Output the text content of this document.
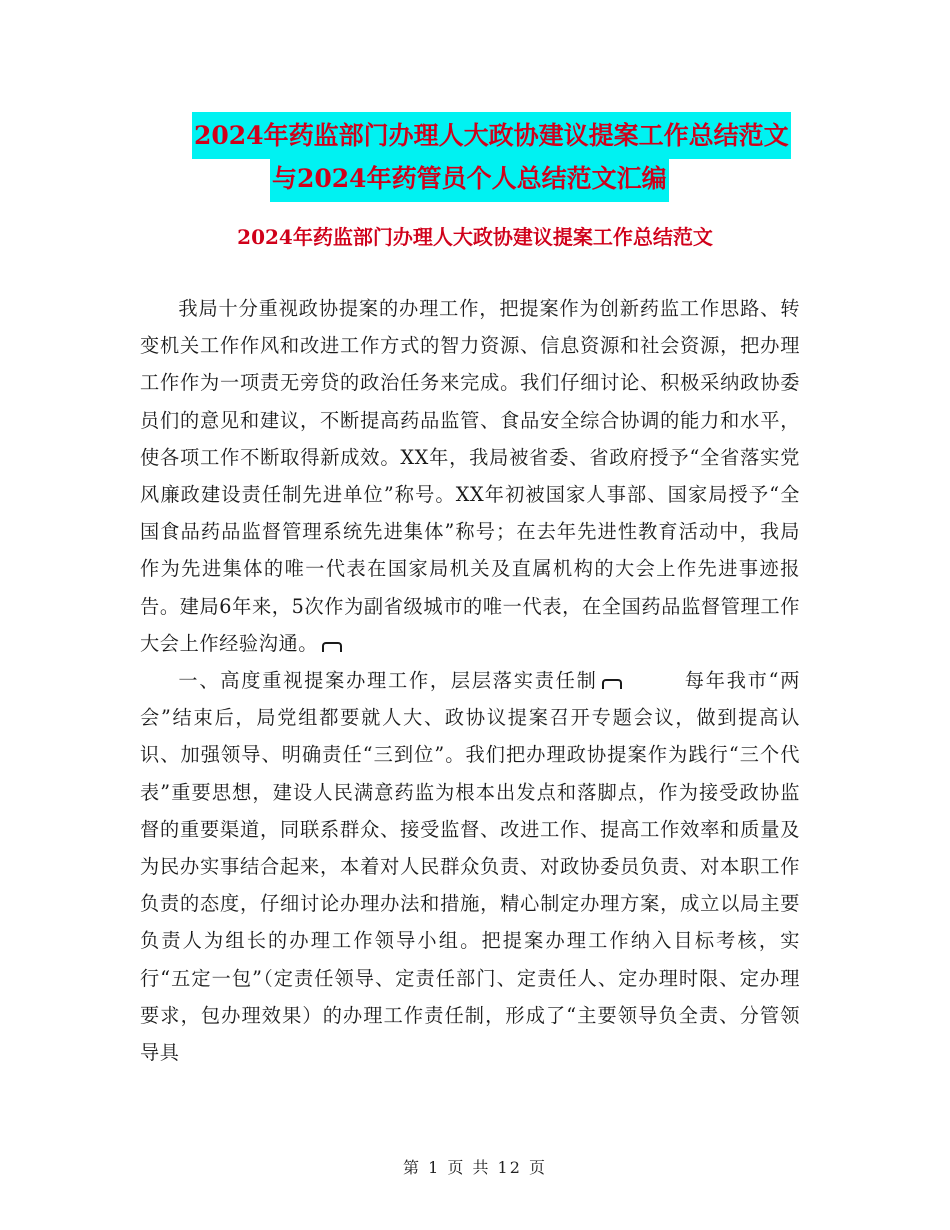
2024年药监部门办理人大政协建议提案工作总结范文
与2024年药管员个人总结范文汇编
2024年药监部门办理人大政协建议提案工作总结范文

我局十分重视政协提案的办理工作，把提案作为创新药监工作思路、转变机关工作作风和改进工作方式的智力资源、信息资源和社会资源，把办理工作作为一项责无旁贷的政治任务来完成。我们仔细讨论、积极采纳政协委员们的意见和建议，不断提高药品监管、食品安全综合协调的能力和水平，使各项工作不断取得新成效。XX年，我局被省委、省政府授予“全省落实党风廉政建设责任制先进单位”称号。XX年初被国家人事部、国家局授予“全国食品药品监督管理系统先进集体”称号；在去年先进性教育活动中，我局作为先进集体的唯一代表在国家局机关及直属机构的大会上作先进事迹报告。建局6年来，5次作为副省级城市的唯一代表，在全国药品监督管理工作大会上作经验沟通。

一、高度重视提案办理工作，层层落实责任制	每年我市“两会”结束后，局党组都要就人大、政协议提案召开专题会议，做到提高认识、加强领导、明确责任“三到位”。我们把办理政协提案作为践行“三个代表”重要思想，建设人民满意药监为根本出发点和落脚点，作为接受政协监督的重要渠道，同联系群众、接受监督、改进工作、提高工作效率和质量及为民办实事结合起来，本着对人民群众负责、对政协委员负责、对本职工作负责的态度，仔细讨论办理办法和措施，精心制定办理方案，成立以局主要负责人为组长的办理工作领导小组。把提案办理工作纳入目标考核，实行“五定一包”（定责任领导、定责任部门、定责任人、定办理时限、定办理要求，包办理效果）的办理工作责任制，形成了“主要领导负全责、分管领导具

第 1 页 共 12 页
